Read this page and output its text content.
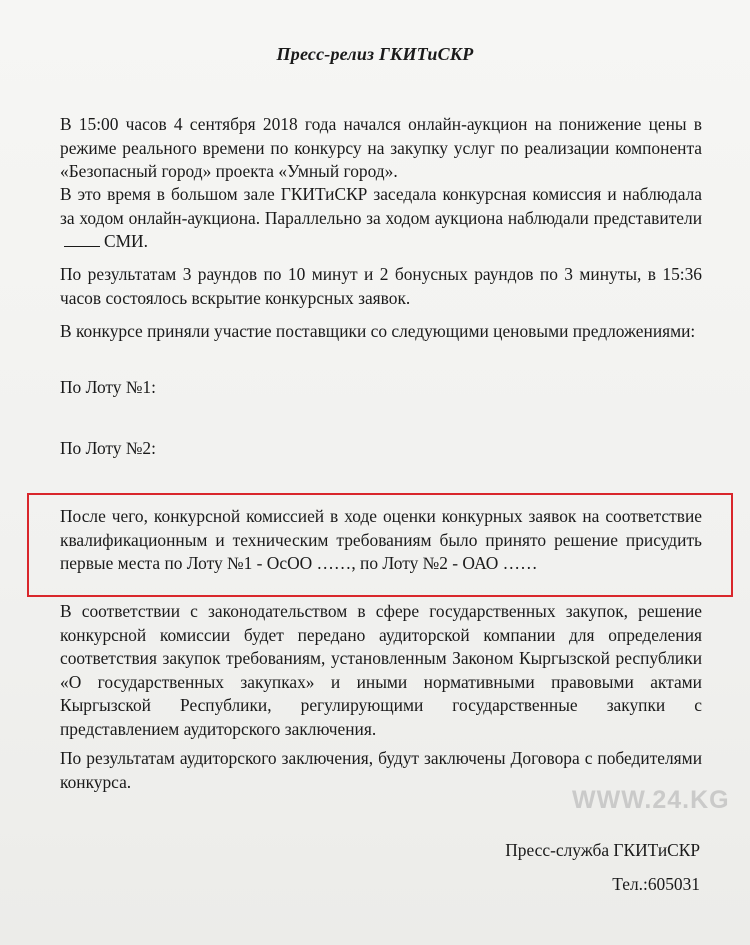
Пресс-релиз ГКИТиСКР
В 15:00 часов 4 сентября 2018 года начался онлайн-аукцион на понижение цены в режиме реального времени по конкурсу на закупку услуг по реализации компонента «Безопасный город» проекта «Умный город».
В это время в большом зале ГКИТиСКР заседала конкурсная комиссия и наблюдала за ходом онлайн-аукциона. Параллельно за ходом аукциона наблюдали представителиСМИ.
По результатам 3 раундов по 10 минут и 2 бонусных раундов по 3 минуты, в 15:36 часов состоялось вскрытие конкурсных заявок.
В конкурсе приняли участие поставщики со следующими ценовыми предложениями:
По Лоту №1:
По Лоту №2:
После чего, конкурсной комиссией в ходе оценки конкурных заявок на соответствие квалификационным и техническим требованиям было принято решение присудить первые места по Лоту №1 - ОсОО ……, по Лоту №2 - ОАО ……
В соответствии с законодательством в сфере государственных закупок, решение конкурсной комиссии будет передано аудиторской компании для определения соответствия закупок требованиям, установленным Законом Кыргызской республики «О государственных закупках» и иными нормативными правовыми актами Кыргызской Республики, регулирующими государственные закупки с представлением аудиторского заключения.
По результатам аудиторского заключения, будут заключены Договора с победителями конкурса.
WWW.24.KG
Пресс-служба ГКИТиСКР
Тел.:605031
